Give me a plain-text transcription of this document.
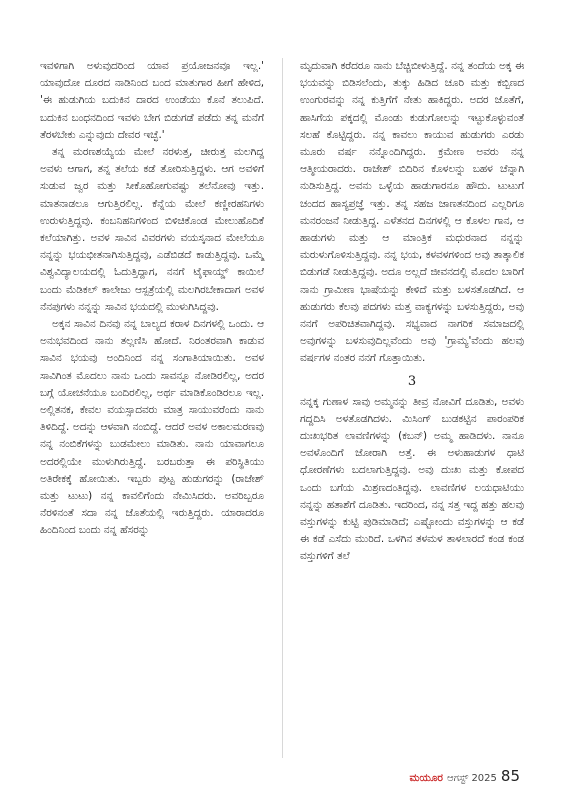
ಇವಳಿಗಾಗಿ ಅಳುವುದರಿಂದ ಯಾವ ಪ್ರಯೋಜನವೂ ಇಲ್ಲ.' ಯಾವುದೋ ದೂರದ ನಾಡಿನಿಂದ ಬಂದ ಮಾತುಗಾರ ಹೀಗೆ ಹೇಳಿದ, 'ಈ ಹುಡುಗಿಯ ಬದುಕಿನ ದಾರದ ಉಂಡೆಯು ಕೊನೆ ತಲುಪಿದೆ. ಬದುಕಿನ ಬಂಧನದಿಂದ ಇವಳು ಬೇಗ ಬಿಡುಗಡೆ ಪಡೆದು ತನ್ನ ಮನೆಗೆ ತೆರಳಬೇಕು ಎನ್ನುವುದು ದೇವರ ಇಚ್ಛೆ.'

ತನ್ನ ಮರಣಶಯ್ಯೆಯ ಮೇಲೆ ನರಳುತ್ತ, ಚೀರುತ್ತ ಮಲಗಿದ್ದ ಅವಳು ಆಗಾಗ, ತನ್ನ ತಲೆಯ ಕಡೆ ತೋರಿಸುತ್ತಿದ್ದಳು. ಆಗ ಅವಳಿಗೆ ಸುಡುವ ಜ್ವರ ಮತ್ತು ಸೀಕೊಹೋಗುವಷ್ಟು ತಲೆನೋವು ಇತ್ತು. ಮಾತನಾಡಲೂ ಆಗುತ್ತಿರಲಿಲ್ಲ. ಕೆನ್ನೆಯ ಮೇಲೆ ಕಣ್ಣೀರಹನಿಗಳು ಉರುಳುತ್ತಿದ್ದವು. ಕಂಬನಿಹನಿಗಳಿಂದ ಬಿಳಿಚಿಕೊಂಡ ಮೇಲುಹೊದಿಕೆ ಕಲೆಯಾಗಿತ್ತು. ಅವಳ ಸಾವಿನ ವಿವರಗಳು ವಯಸ್ಕನಾದ ಮೇಲೆಯೂ ನನ್ನನ್ನು ಭಯಭೀತನಾಗಿಸುತ್ತಿದ್ದವು, ಎಡೆಬಿಡದೆ ಕಾಡುತ್ತಿದ್ದವು. ಒಮ್ಮೆ ವಿಶ್ವವಿದ್ಯಾಲಯದಲ್ಲಿ ಓದುತ್ತಿದ್ದಾಗ, ನನಗೆ ಟೈಫಾಯ್ಡ್ ಕಾಯಿಲೆ ಬಂದು ಮೆಡಿಕಲ್ ಕಾಲೇಜು ಆಸ್ಪತ್ರೆಯಲ್ಲಿ ಮಲಗಿರಬೇಕಾದಾಗ ಅವಳ ನೆನಪುಗಳು ನನ್ನನ್ನು ಸಾವಿನ ಭಯದಲ್ಲಿ ಮುಳುಗಿಸಿದ್ದವು.

ಅಕ್ಕನ ಸಾವಿನ ದಿನವು ನನ್ನ ಬಾಲ್ಯದ ಕರಾಳ ದಿನಗಳಲ್ಲಿ ಒಂದು. ಆ ಅನುಭವದಿಂದ ನಾನು ತಲ್ಲಣಿಸಿ ಹೋದೆ. ನಿರಂತರವಾಗಿ ಕಾಡುವ ಸಾವಿನ ಭಯವು ಅಂದಿನಿಂದ ನನ್ನ ಸಂಗಾತಿಯಾಯಿತು. ಅವಳ ಸಾವಿಗಿಂತ ಮೊದಲು ನಾನು ಒಂದು ಸಾವನ್ನೂ ನೋಡಿರಲಿಲ್ಲ, ಅದರ ಬಗ್ಗೆ ಯೋಚನೆಯೂ ಬಂದಿರಲಿಲ್ಲ, ಅರ್ಥ ಮಾಡಿಕೊಂಡಿರಲೂ ಇಲ್ಲ. ಅಲ್ಲಿತನಕ, ಕೇವಲ ವಯಸ್ಸಾದವರು ಮಾತ್ರ ಸಾಯುವರೆಂದು ನಾನು ತಿಳಿದಿದ್ದೆ. ಅದನ್ನು ಆಳವಾಗಿ ನಂಬಿದ್ದೆ. ಆದರೆ ಅವಳ ಅಕಾಲಮರಣವು ನನ್ನ ನಂಬಿಕೆಗಳನ್ನು ಬುಡಮೇಲು ಮಾಡಿತು. ನಾನು ಯಾವಾಗಲೂ ಅದರಲ್ಲಿಯೇ ಮುಳುಗಿರುತ್ತಿದ್ದೆ. ಬರಬರುತ್ತಾ ಈ ಪರಿಸ್ಥಿತಿಯು ಅತಿರೇಕಕ್ಕೆ ಹೋಯಿತು. ಇಬ್ಬರು ಪುಟ್ಟ ಹುಡುಗರನ್ನು (ರಾಜೇಶ್ ಮತ್ತು ಟುಟು) ನನ್ನ ಕಾವಲಿಗೆಂದು ನೇಮಿಸಿದರು. ಅವರಿಬ್ಬರೂ ನೆರಳಿನಂತೆ ಸದಾ ನನ್ನ ಜೊತೆಯಲ್ಲಿ ಇರುತ್ತಿದ್ದರು. ಯಾರಾದರೂ ಹಿಂದಿನಿಂದ ಬಂದು ನನ್ನ ಹೆಸರನ್ನು

ಮೃದುವಾಗಿ ಕರೆದರೂ ನಾನು ಬೆಚ್ಚಿಬೀಳುತ್ತಿದ್ದೆ. ನನ್ನ ತಂದೆಯ ಅಕ್ಕ ಈ ಭಯವನ್ನು ಬಿಡಿಸಲೆಂದು, ತುಕ್ಕು ಹಿಡಿದ ಚೂರಿ ಮತ್ತು ಕಬ್ಬಿಣದ ಉಂಗುರವನ್ನು ನನ್ನ ಕುತ್ತಿಗೆಗೆ ನೇತು ಹಾಕಿದ್ದರು. ಅದರ ಜೊತೆಗೆ, ಹಾಸಿಗೆಯ ಪಕ್ಕದಲ್ಲಿ ಮೊಂಡು ಕುಡುಗೋಲನ್ನು ಇಟ್ಟುಕೊಳ್ಳುವಂತೆ ಸಲಹೆ ಕೊಟ್ಟಿದ್ದರು. ನನ್ನ ಕಾವಲು ಕಾಯುವ ಹುಡುಗರು ಎರಡು ಮೂರು ವರ್ಷ ನನ್ನೊಂದಿಗಿದ್ದರು. ಕ್ರಮೇಣ ಅವರು ನನ್ನ ಆತ್ಮೀಯರಾದರು. ರಾಜೇಶ್ ಬಿದಿರಿನ ಕೊಳಲನ್ನು ಬಹಳ ಚೆನ್ನಾಗಿ ನುಡಿಸುತ್ತಿದ್ದ. ಅವನು ಒಳ್ಳೆಯ ಹಾಡುಗಾರನೂ ಹೌದು. ಟುಟುಗೆ ಚಂದದ ಹಾಸ್ಯಪ್ರಜ್ಞೆ ಇತ್ತು. ತನ್ನ ಸಹಜ ಜಾಣತನದಿಂದ ಎಲ್ಲರಿಗೂ ಮನರಂಜನೆ ನೀಡುತ್ತಿದ್ದ. ಎಳೆತನದ ದಿನಗಳಲ್ಲಿ ಆ ಕೊಳಲ ಗಾನ, ಆ ಹಾಡುಗಳು ಮತ್ತು ಆ ಮಾಂತ್ರಿಕ ಮಧುರನಾದ ನನ್ನನ್ನು ಮರುಳುಗೊಳಿಸುತ್ತಿದ್ದವು. ನನ್ನ ಭಯ, ಕಳವಳಗಳಿಂದ ಅವು ತಾತ್ಕಾಲಿಕ ಬಿಡುಗಡೆ ನೀಡುತ್ತಿದ್ದವು. ಅದೂ ಅಲ್ಲದೆ ಜೀವನದಲ್ಲಿ ಮೊದಲ ಬಾರಿಗೆ ನಾನು ಗ್ರಾಮೀಣ ಭಾಷೆಯನ್ನು ಕೇಳಿದೆ ಮತ್ತು ಬಳಸತೊಡಗಿದೆ. ಆ ಹುಡುಗರು ಕೆಲವು ಪದಗಳು ಮತ್ತ ವಾಕ್ಯಗಳನ್ನು ಬಳಸುತ್ತಿದ್ದರು, ಅವು ನನಗೆ ಅಪರಿಚಿತವಾಗಿದ್ದವು. ಸಭ್ಯವಾದ ನಾಗರಿಕ ಸಮಾಜದಲ್ಲಿ ಅವುಗಳನ್ನು ಬಳಸುವುದಿಲ್ಲವೆಂದು ಅವು 'ಗ್ರಾಮ್ಯ'ವೆಂದು ಹಲವು ವರ್ಷಗಳ ನಂತರ ನನಗೆ ಗೊತ್ತಾಯಿತು.

3

ನನ್ನಕ್ಕ ಗುಣಾಳ ಸಾವು ಅಮ್ಮನನ್ನು ತೀವ್ರ ನೋವಿಗೆ ದೂಡಿತು, ಅವಳು ಗದ್ದದಿಸಿ ಅಳತೊಡಗಿದಳು. ಮಿಸಿಂಗ್ ಬುಡಕಟ್ಟಿನ ಪಾರಂಪರಿಕ ದುಃಖಭರಿತ ಲಾವಣಿಗಳನ್ನು (ಕಬನ್) ಅಮ್ಮ ಹಾಡಿದಳು. ನಾನೂ ಅವಳೊಂದಿಗೆ ಜೋರಾಗಿ ಅತ್ತೆ. ಈ ಅಳುಹಾಡುಗಳ ಧಾಟಿ ಧೋರಣೆಗಳು ಬದಲಾಗುತ್ತಿದ್ದವು. ಅವು ದುಃಖ ಮತ್ತು ಕೋಪದ ಒಂದು ಬಗೆಯ ಮಿಶ್ರಣದಂತಿದ್ದವು. ಲಾವಣಿಗಳ ಲಯಧಾಟಿಯು ನನ್ನನ್ನು ಹತಾಶೆಗೆ ದೂಡಿತು. ಇದರಿಂದ, ನನ್ನ ಸತ್ತ ಇದ್ದ ಹತ್ತು ಹಲವು ವಸ್ತುಗಳನ್ನು ಕುಟ್ಟಿ ಪುಡಿಮಾಡಿದೆ; ಎಷ್ಟೋಂದು ವಸ್ತುಗಳನ್ನು ಆ ಕಡೆ ಈ ಕಡೆ ಎಸೆದು ಮುರಿದೆ. ಒಳಗಿನ ತಳಮಳ ತಾಳಲಾರದೆ ಕಂಡ ಕಂಡ ವಸ್ತುಗಳಿಗೆ ತಲೆ

ಮಯೂರ ಆಗಸ್ಟ್ 2025 85
